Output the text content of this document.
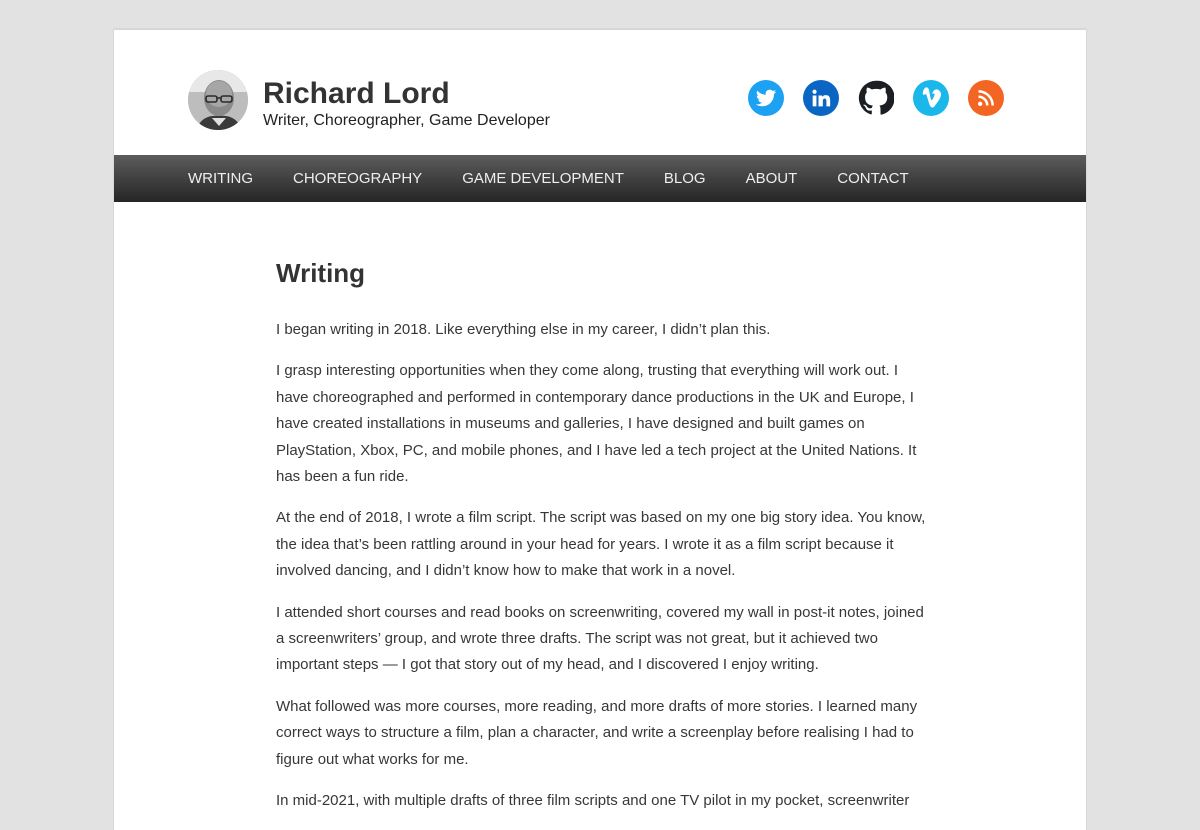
Richard Lord

Writer, Choreographer, Game Developer

WRITING	CHOREOGRAPHY	GAME DEVELOPMENT	BLOG	ABOUT	CONTACT
Writing

I began writing in 2018. Like everything else in my career, I didn’t plan this.

I grasp interesting opportunities when they come along, trusting that everything will work out. I have choreographed and performed in contemporary dance productions in the UK and Europe, I have created installations in museums and galleries, I have designed and built games on PlayStation, Xbox, PC, and mobile phones, and I have led a tech project at the United Nations. It has been a fun ride.

At the end of 2018, I wrote a film script. The script was based on my one big story idea. You know, the idea that’s been rattling around in your head for years. I wrote it as a film script because it involved dancing, and I didn’t know how to make that work in a novel.

I attended short courses and read books on screenwriting, covered my wall in post-it notes, joined a screenwriters’ group, and wrote three drafts. The script was not great, but it achieved two important steps — I got that story out of my head, and I discovered I enjoy writing.

What followed was more courses, more reading, and more drafts of more stories. I learned many correct ways to structure a film, plan a character, and write a screenplay before realising I had to figure out what works for me.

In mid-2021, with multiple drafts of three film scripts and one TV pilot in my pocket, screenwriter
